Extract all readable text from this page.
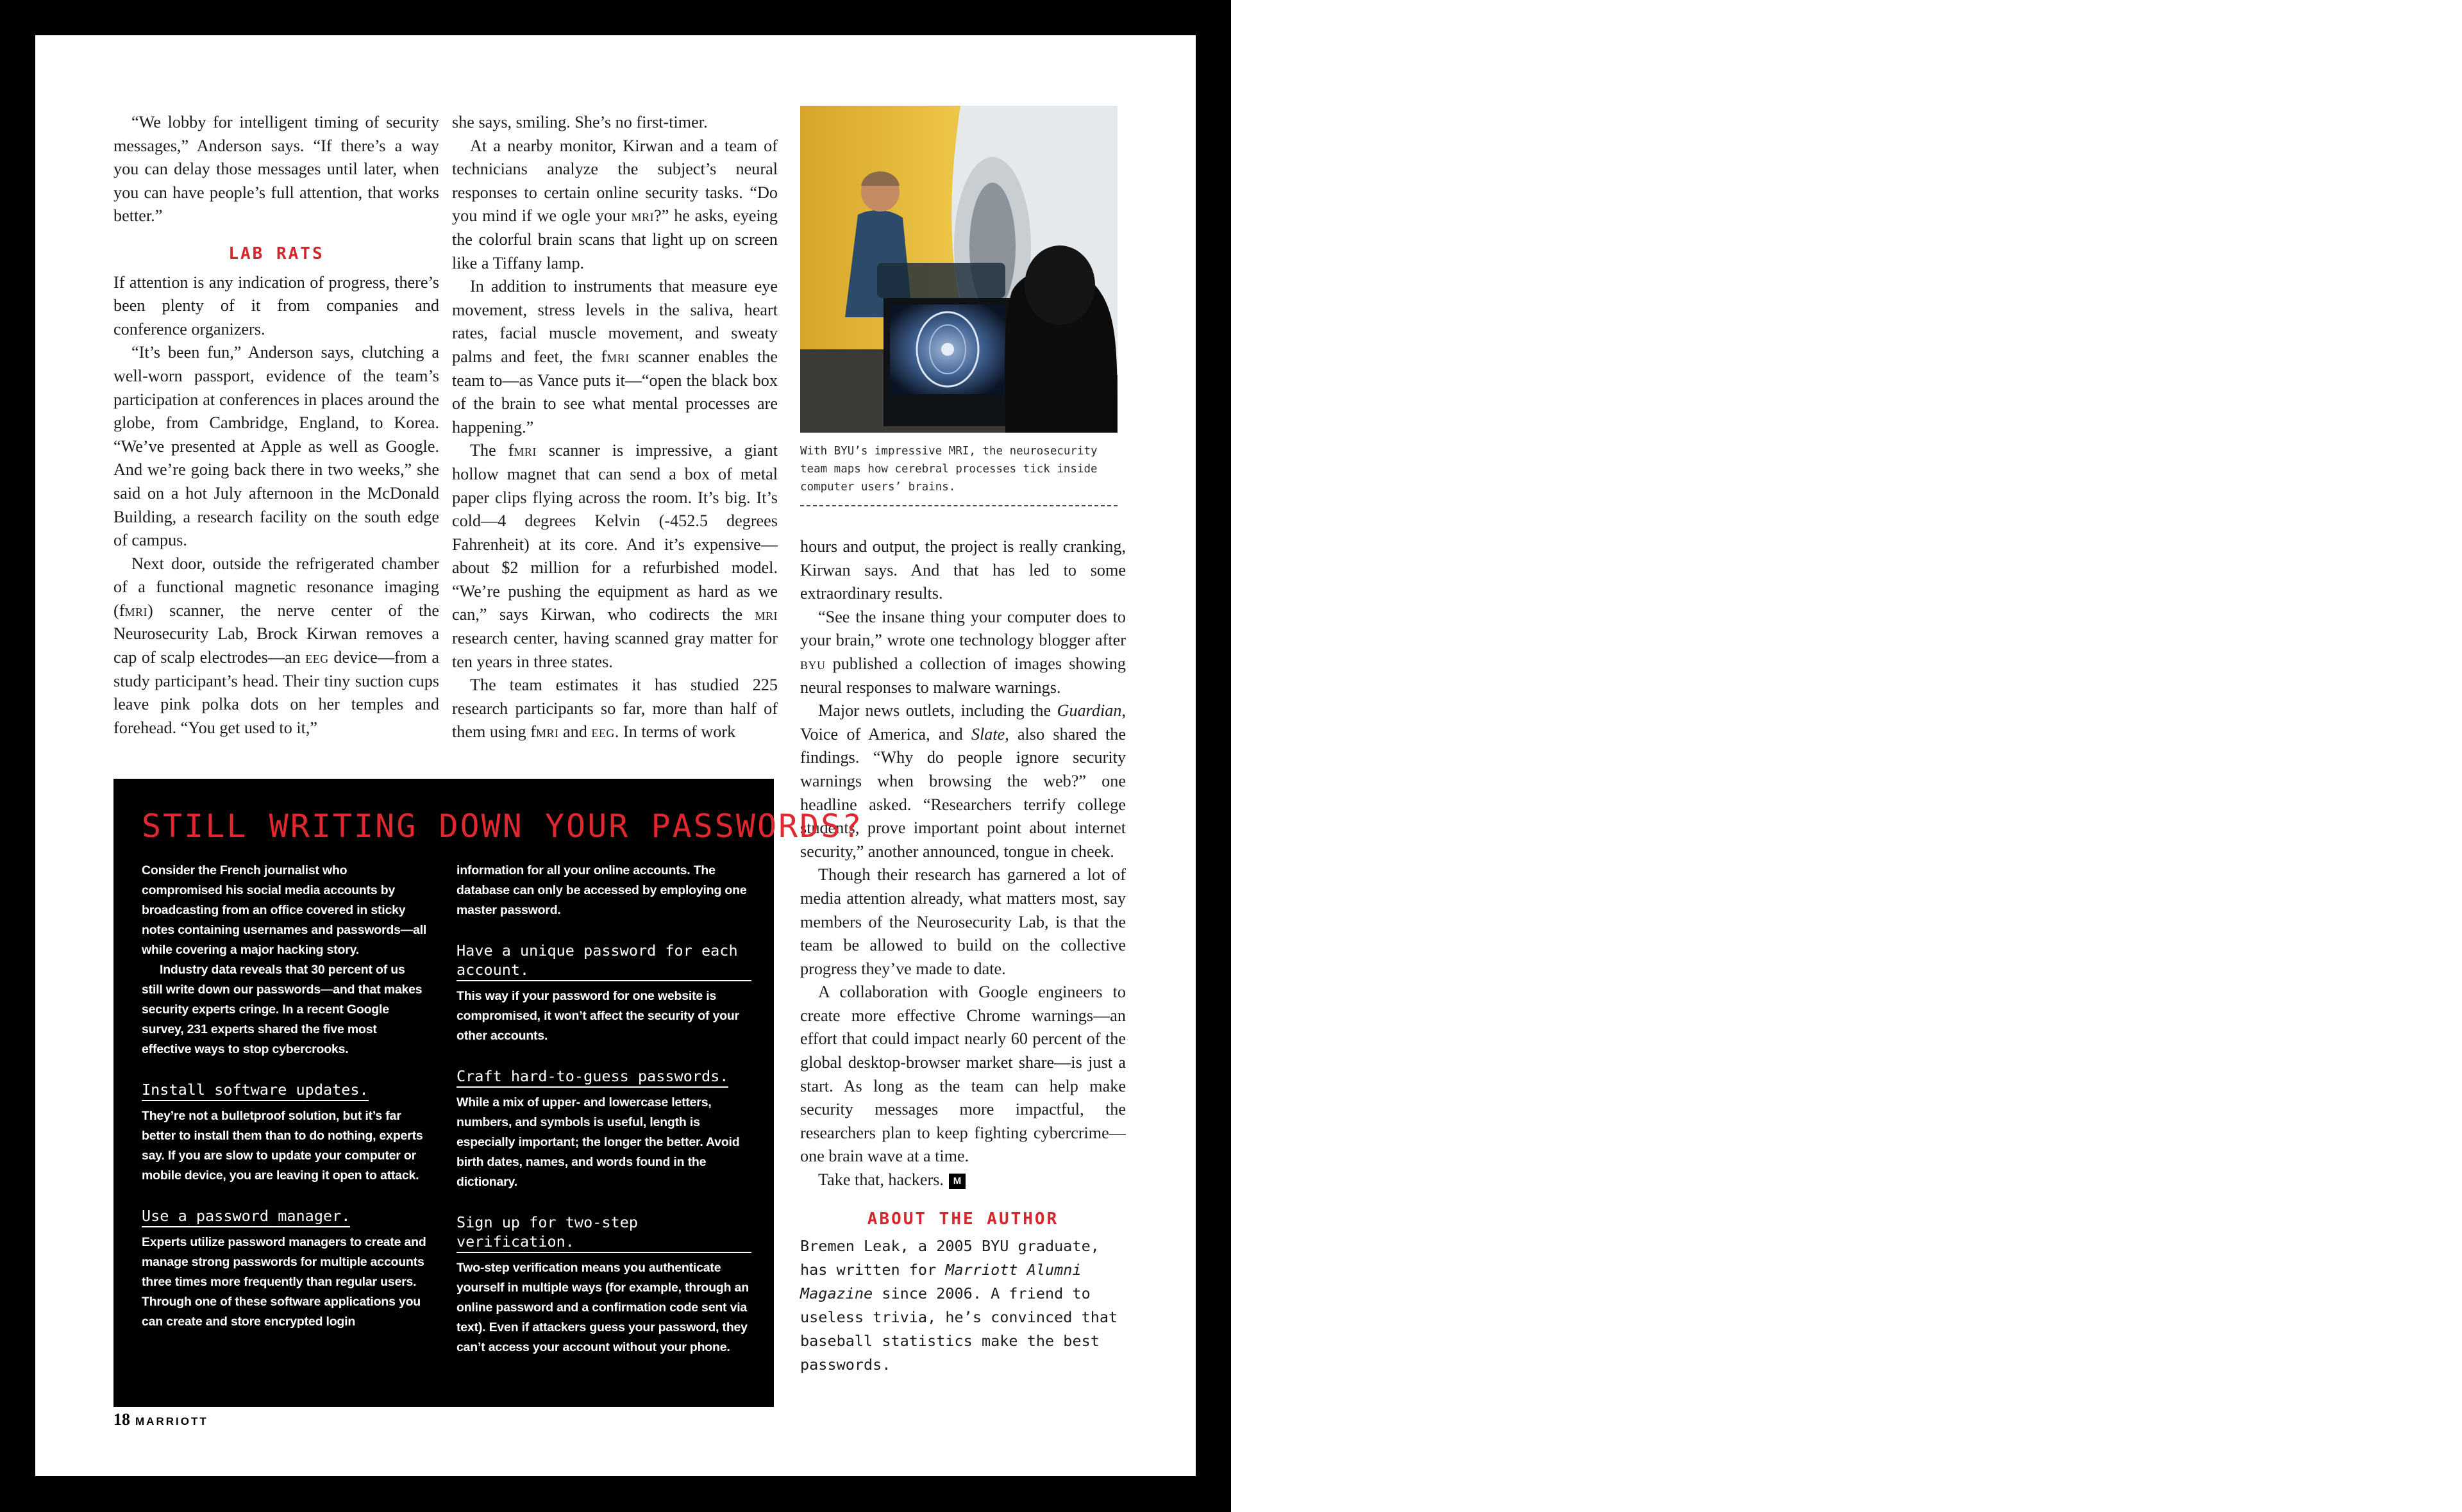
“We lobby for intelligent timing of security messages,” Anderson says. “If there’s a way you can delay those messages until later, when you can have people’s full attention, that works better.”

LAB RATS

If attention is any indication of progress, there’s been plenty of it from companies and conference organizers.

“It’s been fun,” Anderson says, clutching a well-worn passport, evidence of the team’s participation at conferences in places around the globe, from Cambridge, England, to Korea. “We’ve presented at Apple as well as Google. And we’re going back there in two weeks,” she said on a hot July afternoon in the McDonald Building, a research facility on the south edge of campus.

Next door, outside the refrigerated chamber of a functional magnetic resonance imaging (fmri) scanner, the nerve center of the Neurosecurity Lab, Brock Kirwan removes a cap of scalp electrodes—an eeg device—from a study participant’s head. Their tiny suction cups leave pink polka dots on her temples and forehead. “You get used to it,”

she says, smiling. She’s no first-timer.

At a nearby monitor, Kirwan and a team of technicians analyze the subject’s neural responses to certain online security tasks. “Do you mind if we ogle your mri?” he asks, eyeing the colorful brain scans that light up on screen like a Tiffany lamp.

In addition to instruments that measure eye movement, stress levels in the saliva, heart rates, facial muscle movement, and sweaty palms and feet, the fmri scanner enables the team to—as Vance puts it—“open the black box of the brain to see what mental processes are happening.”

The fmri scanner is impressive, a giant hollow magnet that can send a box of metal paper clips flying across the room. It’s big. It’s cold—4 degrees Kelvin (-452.5 degrees Fahrenheit) at its core. And it’s expensive—about $2 million for a refurbished model. “We’re pushing the equipment as hard as we can,” says Kirwan, who codirects the mri research center, having scanned gray matter for ten years in three states.

The team estimates it has studied 225 research participants so far, more than half of them using fmri and eeg. In terms of work

With BYU’s impressive MRI, the neurosecurity team maps how cerebral processes tick inside computer users’ brains.

hours and output, the project is really cranking, Kirwan says. And that has led to some extraordinary results.

“See the insane thing your computer does to your brain,” wrote one technology blogger after byu published a collection of images showing neural responses to malware warnings.

Major news outlets, including the Guardian, Voice of America, and Slate, also shared the findings. “Why do people ignore security warnings when browsing the web?” one headline asked. “Researchers terrify college students, prove important point about internet security,” another announced, tongue in cheek.

Though their research has garnered a lot of media attention already, what matters most, say members of the Neurosecurity Lab, is that the team be allowed to build on the collective progress they’ve made to date.

A collaboration with Google engineers to create more effective Chrome warnings—an effort that could impact nearly 60 percent of the global desktop-browser market share—is just a start. As long as the team can help make security messages more impactful, the researchers plan to keep fighting cybercrime—one brain wave at a time.

Take that, hackers. M

ABOUT THE AUTHOR
Bremen Leak, a 2005 BYU graduate, has written for Marriott Alumni Magazine since 2006. A friend to useless trivia, he’s convinced that baseball statistics make the best passwords.
STILL WRITING DOWN YOUR PASSWORDS?

Consider the French journalist who compromised his social media accounts by broadcasting from an office covered in sticky notes containing usernames and passwords—all while covering a major hacking story.

Industry data reveals that 30 percent of us still write down our passwords—and that makes security experts cringe. In a recent Google survey, 231 experts shared the five most effective ways to stop cybercrooks.

Install software updates.

They’re not a bulletproof solution, but it’s far better to install them than to do nothing, experts say. If you are slow to update your computer or mobile device, you are leaving it open to attack.

Use a password manager.

Experts utilize password managers to create and manage strong passwords for multiple accounts three times more frequently than regular users. Through one of these software applications you can create and store encrypted login

information for all your online accounts. The database can only be accessed by employing one master password.

Have a unique password for each account.

This way if your password for one website is compromised, it won’t affect the security of your other accounts.

Craft hard-to-guess passwords.

While a mix of upper- and lowercase letters, numbers, and symbols is useful, length is especially important; the longer the better. Avoid birth dates, names, and words found in the dictionary.

Sign up for two-step verification.

Two-step verification means you authenticate yourself in multiple ways (for example, through an online password and a confirmation code sent via text). Even if attackers guess your password, they can’t access your account without your phone.

18 MARRIOTT
